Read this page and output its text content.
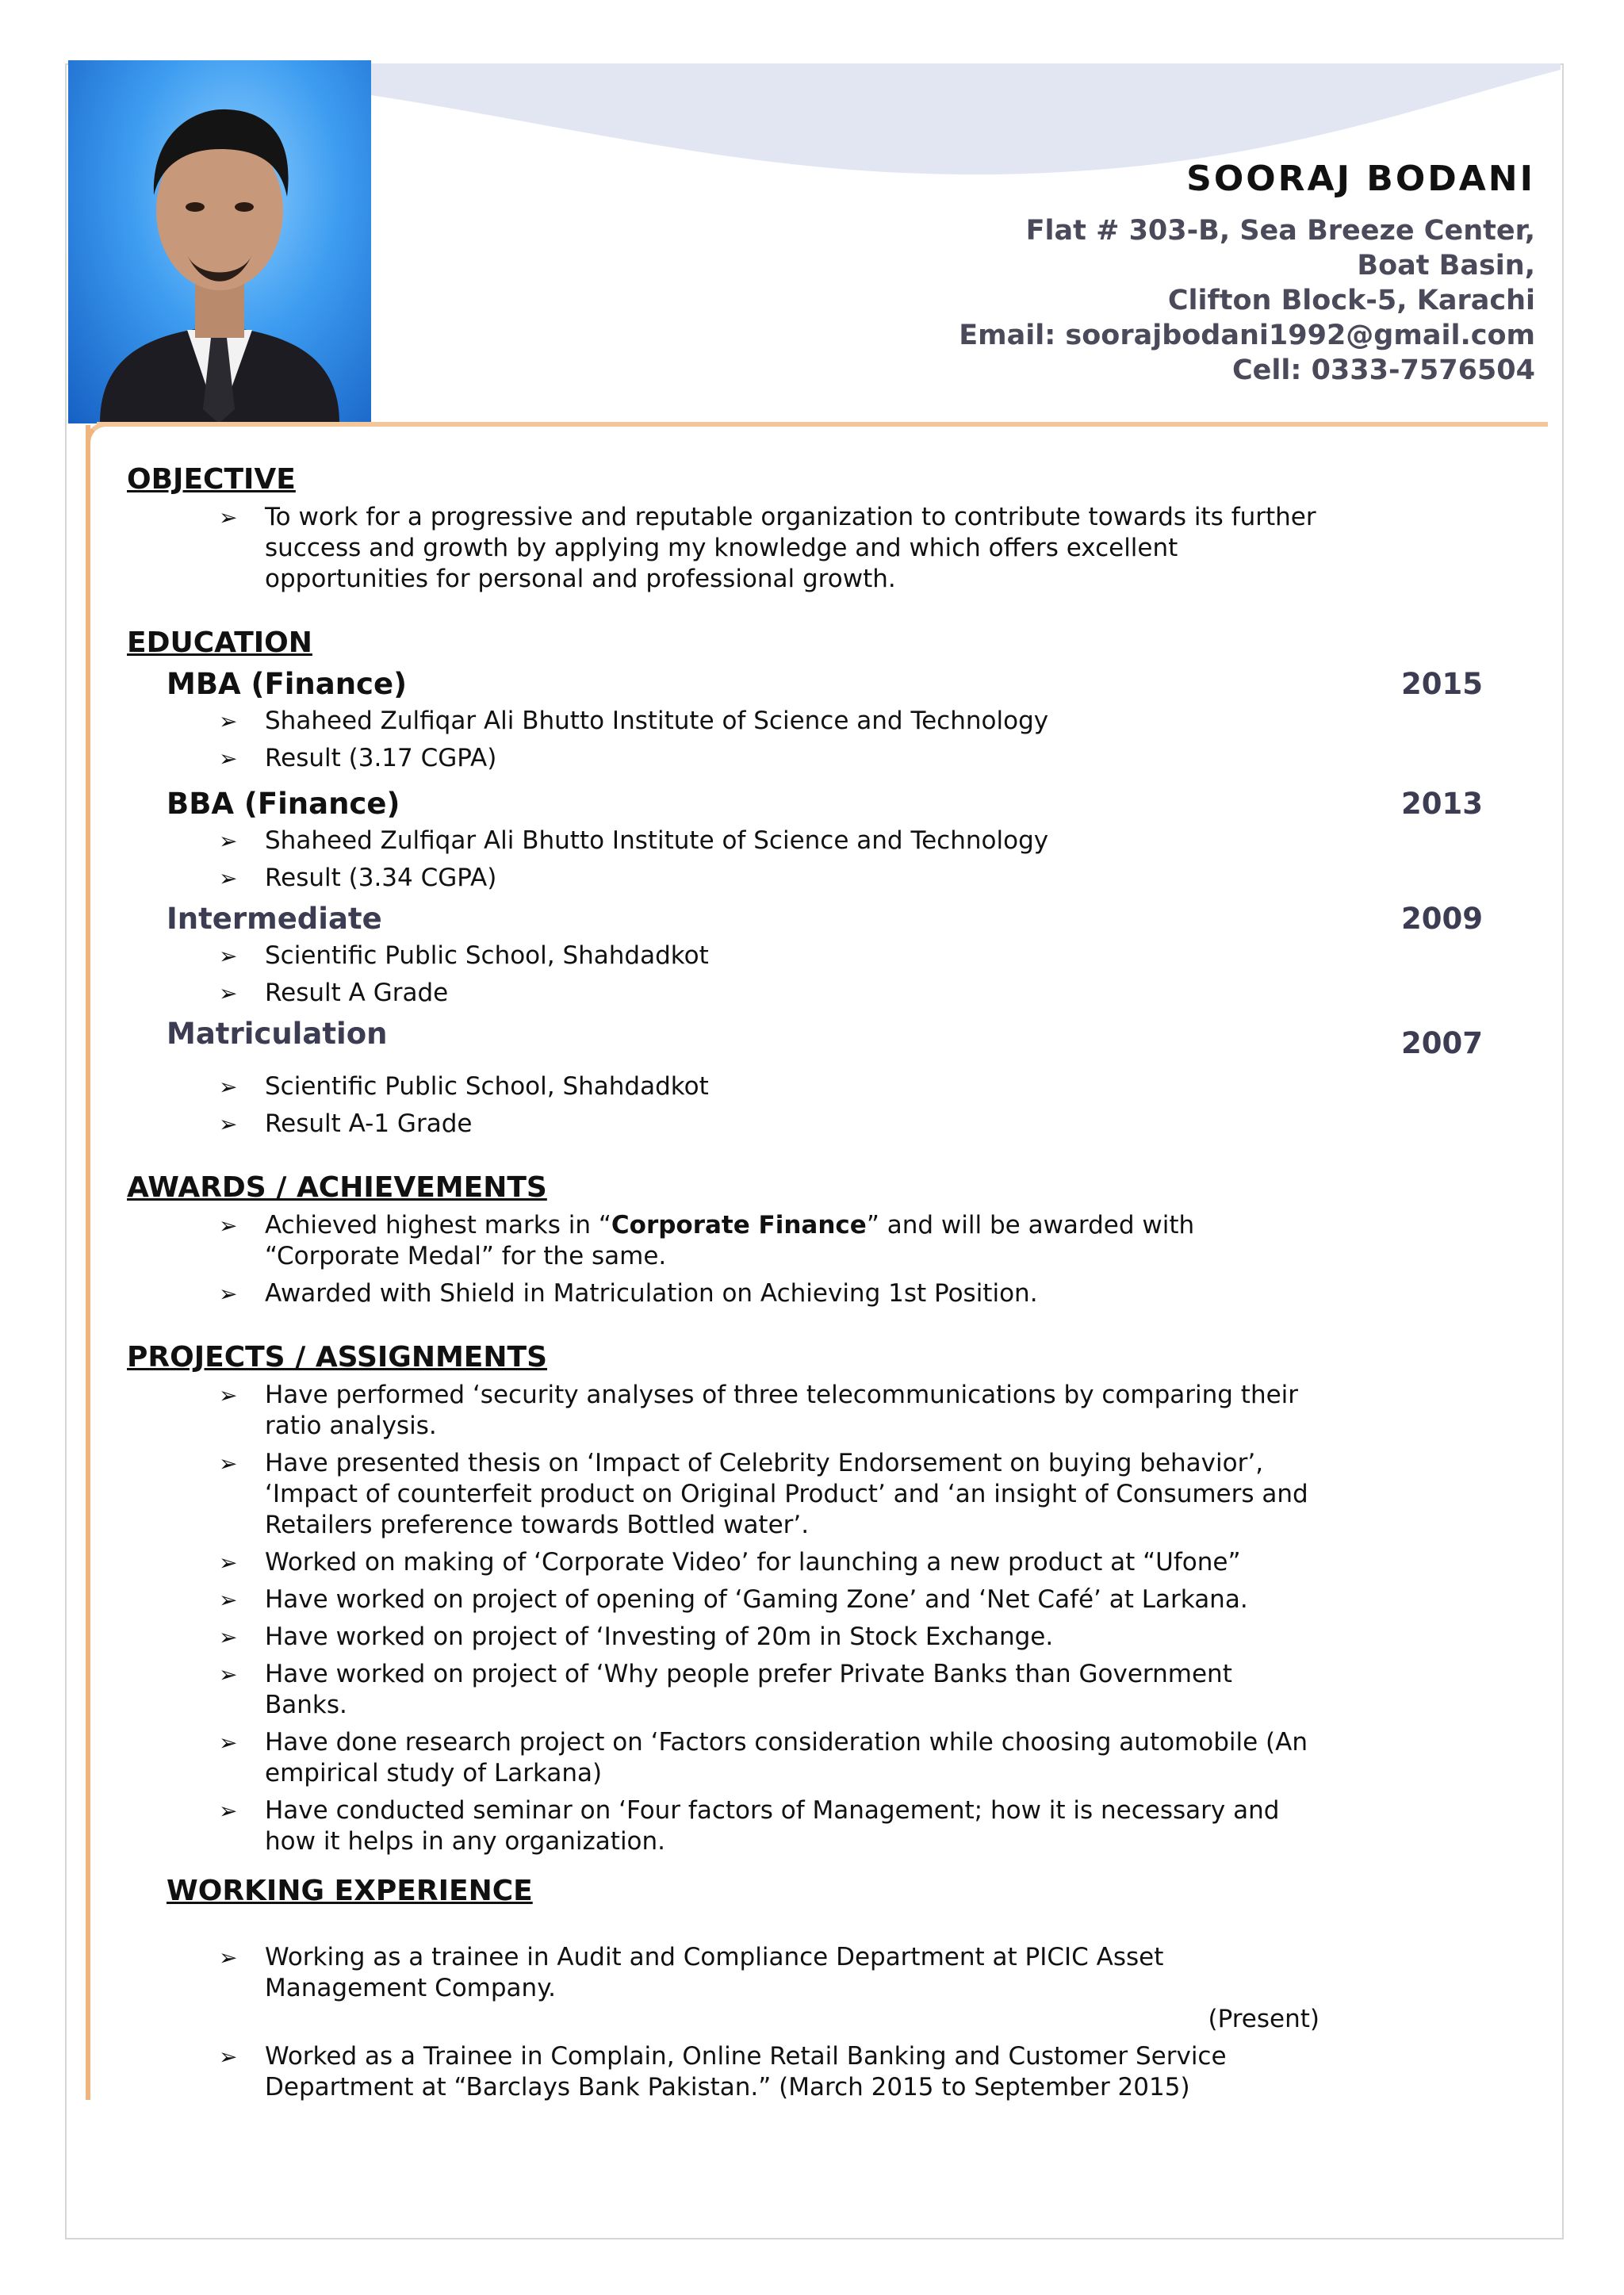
SOORAJ BODANI
Flat # 303-B, Sea Breeze Center,
Boat Basin,
Clifton Block-5, Karachi
Email: soorajbodani1992@gmail.com
Cell: 0333-7576504
OBJECTIVE
➢ To work for a progressive and reputable organization to contribute towards its further success and growth by applying my knowledge and which offers excellent opportunities for personal and professional growth.
EDUCATION
MBA (Finance)	2015
➢ Shaheed Zulfiqar Ali Bhutto Institute of Science and Technology
➢ Result (3.17 CGPA)
BBA (Finance)	2013
➢ Shaheed Zulfiqar Ali Bhutto Institute of Science and Technology
➢ Result (3.34 CGPA)
Intermediate	2009
➢ Scientific Public School, Shahdadkot
➢ Result A Grade
Matriculation	2007
➢ Scientific Public School, Shahdadkot
➢ Result A-1 Grade
AWARDS / ACHIEVEMENTS
➢ Achieved highest marks in “Corporate Finance” and will be awarded with “Corporate Medal” for the same.
➢ Awarded with Shield in Matriculation on Achieving 1st Position.
PROJECTS / ASSIGNMENTS
➢ Have performed ‘security analyses of three telecommunications by comparing their ratio analysis.
➢ Have presented thesis on ‘Impact of Celebrity Endorsement on buying behavior’, ‘Impact of counterfeit product on Original Product’ and ‘an insight of Consumers and Retailers preference towards Bottled water’.
➢ Worked on making of ‘Corporate Video’ for launching a new product at “Ufone”
➢ Have worked on project of opening of ‘Gaming Zone’ and ‘Net Café’ at Larkana.
➢ Have worked on project of ‘Investing of 20m in Stock Exchange.
➢ Have worked on project of ‘Why people prefer Private Banks than Government Banks.
➢ Have done research project on ‘Factors consideration while choosing automobile (An empirical study of Larkana)
➢ Have conducted seminar on ‘Four factors of Management; how it is necessary and how it helps in any organization.
WORKING EXPERIENCE
➢ Working as a trainee in Audit and Compliance Department at PICIC Asset Management Company.
(Present)
➢ Worked as a Trainee in Complain, Online Retail Banking and Customer Service Department at “Barclays Bank Pakistan.” (March 2015 to September 2015)
